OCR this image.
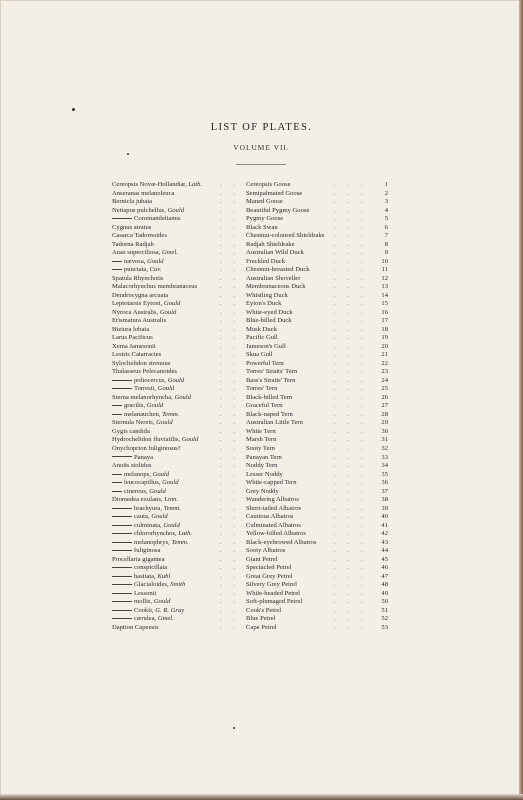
LIST OF PLATES.
VOLUME VII.
Cereopsis Novæ-Hollandiæ, Lath.	. . Cereopsis Goose	. . .	1
Anseranas melanoleuca	. . Semipalmated Goose	. . .	2
Bernicla jubata	. . Maned Goose	. . .	3
Nettapus pulchellus, Gould	. . Beautiful Pygmy Goose	. . .	4
Coromandelianus	. . Pygmy Goose	. . .	5
Cygnus atratus	. . Black Swan	. . .	6
Casarca Tadornoides	. . Chestnut-coloured Shieldrake . . .	7
Tadorna Radjah	. . Radjah Shieldrake	. . .	8
Anas superciliosa, Gmel.	. . Australian Wild Duck	. . .	9
nævosa, Gould	. . Freckled Duck	. . .	10
punctata, Cuv.	. . Chestnut-breasted Duck	. . .	11
Spatula Rhynchotis	. . Australian Shoveller	. . .	12
Malacorhynchus membranaceus	. . Membranaceous Duck	. . .	13
Dendrocygna arcuata	. . Whistling Duck	. . .	14
Leptotarsis Eytoni, Gould	. . Eyton's Duck	. . .	15
Nyroca Australis, Gould	. . White-eyed Duck	. . .	16
Erismatura Australis	. . Blue-billed Duck	. . .	17
Biziura lobata	. . Musk Duck	. . .	18
Larus Pacificus	. . Pacific Gull	. . .	19
Xema Jamesonii	. . Jameson's Gull	. . .	20
Lestris Catarractes	. . Skua Gull	. . .	21
Sylochelidon strenuus	. . Powerful Tern	. . .	22
Thalasseus Pelecanoides	. . Torres' Straits' Tern	. . .	23
poliocercus, Gould	. . Bass's Straits' Tern	. . .	24
Torresii, Gould	. . Torres' Tern	. . .	25
Sterna melanorhyncha, Gould	. . Black-billed Tern	. . .	26
gracilis, Gould	. . Graceful Tern	. . .	27
melanauchen, Temm.	. . Black-naped Tern	. . .	28
Sternula Nereis, Gould	. . Australian Little Tern	. . .	29
Gygis candida	. . White Tern	. . .	30
Hydrochelidon fluviatilis, Gould	. . Marsh Tern	. . .	31
Onychoprion fuliginosus?	. . Sooty Tern	. . .	32
Panaya	. . Panayan Tern	. . .	33
Anoüs stolidus	. . Noddy Tern	. . .	34
melanops, Gould	. . Lesser Noddy	. . .	35
leucocapillus, Gould	. . White-capped Tern	. . .	36
cinereus, Gould	. . Grey Noddy	. . .	37
Diomedea exulans, Linn.	. . Wandering Albatros	. . .	38
brachyura, Temm.	. . Short-tailed Albatros	. . .	39
cauta, Gould	. . Cautious Albatros	. . .	40
culminata, Gould	. . Culminated Albatros	. . .	41
chlororhynchos, Lath.	. . Yellow-billed Albatros	. . .	42
melanophrys, Temm.	. . Black-eyebrowed Albatros	. . .	43
fuliginosa	. . Sooty Albatros	. . .	44
Procellaria gigantea	. . Giant Petrel	. . .	45
conspicillata	. . Spectacled Petrel	. . .	46
hasitata, Kuhl	. . Great Grey Petrel	. . .	47
Glacialoides, Smith	. . Silvery Grey Petrel	. . .	48
Lessonii	. . White-headed Petrel	. . .	49
mollis, Gould	. . Soft-plumaged Petrel	. . .	50
Cookii, G. R. Gray	. . Cook's Petrel	. . .	51
cærulea, Gmel.	. . Blue Petrel	. . .	52
Daption Capensis	. . Cape Petrel	. . .	53
